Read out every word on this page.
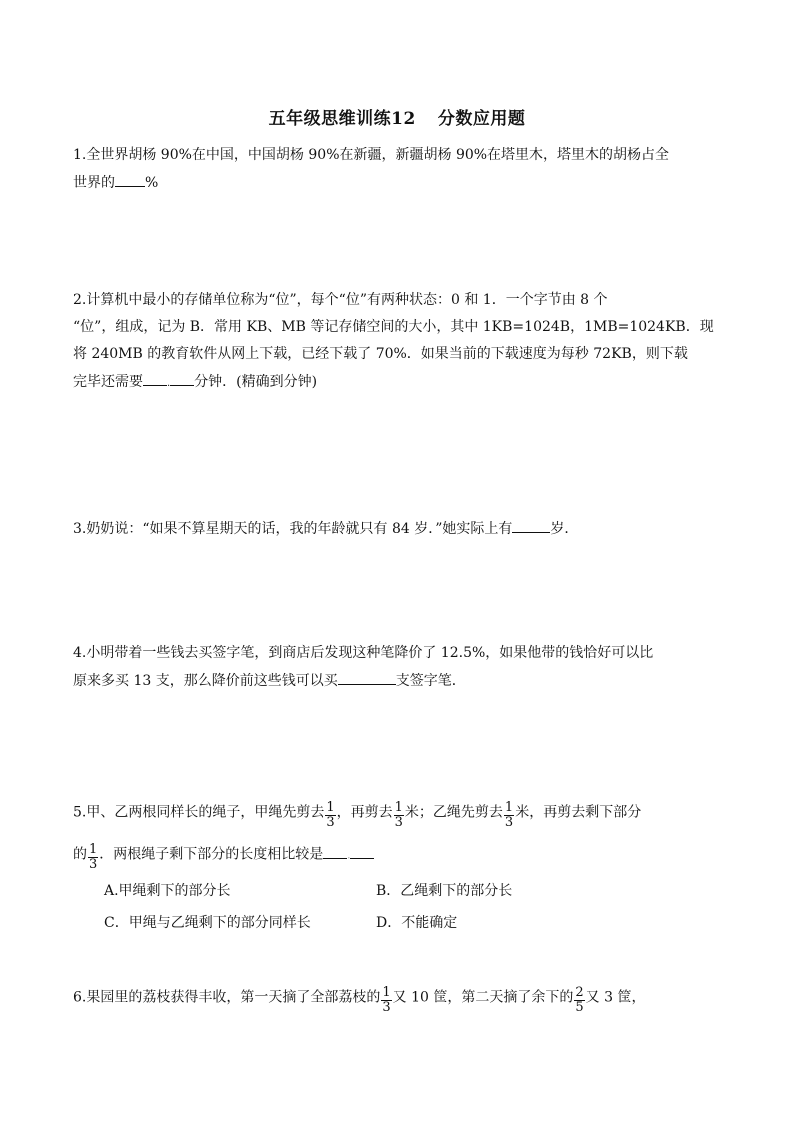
五年级思维训练12 分数应用题
1.全世界胡杨 90%在中国，中国胡杨 90%在新疆，新疆胡杨 90%在塔里木，塔里木的胡杨占全
世界的 %
2.计算机中最小的存储单位称为“位”，每个“位”有两种状态：0 和 1．一个字节由 8 个
“位”，组成，记为 B．常用 KB、MB 等记存储空间的大小，其中 1KB=1024B，1MB=1024KB．现
将 240MB 的教育软件从网上下载，已经下载了 70%．如果当前的下载速度为每秒 72KB，则下载
完毕还需要 . 分钟．(精确到分钟)
3.奶奶说：“如果不算星期天的话，我的年龄就只有 84 岁．”她实际上有	岁．
4.小明带着一些钱去买签字笔，到商店后发现这种笔降价了 12.5%，如果他带的钱恰好可以比
原来多买 13 支，那么降价前这些钱可以买	支签字笔．
5.甲、乙两根同样长的绳子，甲绳先剪去 $\frac{1}{3}$ ，再剪去 $\frac{1}{3}$ 米；乙绳先剪去 $\frac{1}{3}$ 米，再剪去剩下部分
的 $\frac{1}{3}$ ．两根绳子剩下部分的长度相比较是 .
A.甲绳剩下的部分长	B．乙绳剩下的部分长
C．甲绳与乙绳剩下的部分同样长	D．不能确定
6.果园里的荔枝获得丰收，第一天摘了全部荔枝的 $\frac{1}{3}$ 又 10 筐，第二天摘了余下的 $\frac{2}{5}$ 又 3 筐，
